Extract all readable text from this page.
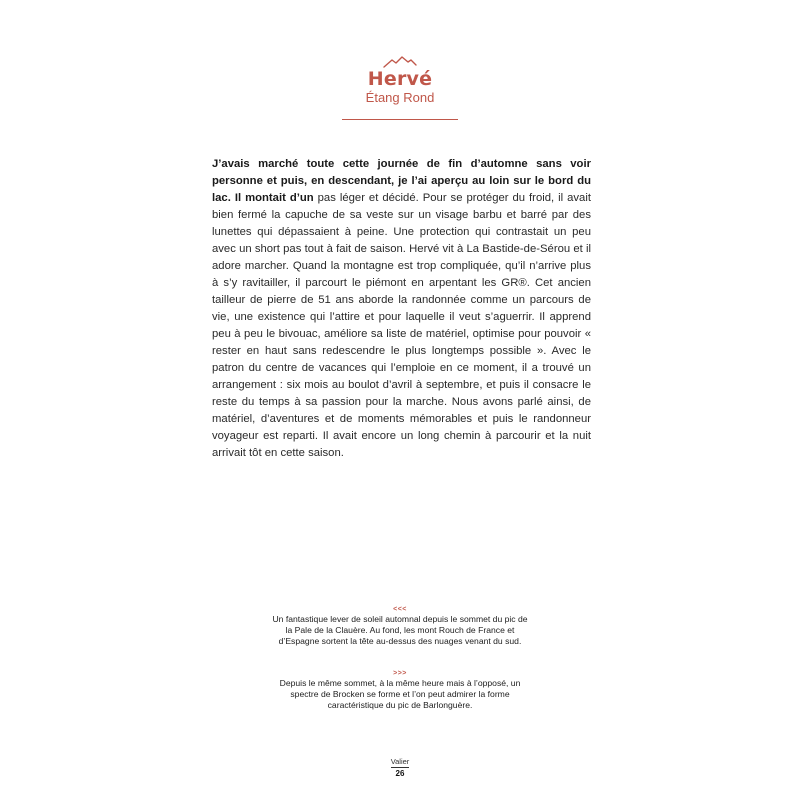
Hervé
Étang Rond

J’avais marché toute cette journée de fin d’automne sans voir personne et puis, en descendant, je l’ai aperçu au loin sur le bord du lac. Il montait d’un pas léger et décidé. Pour se protéger du froid, il avait bien fermé la capuche de sa veste sur un visage barbu et barré par des lunettes qui dépassaient à peine. Une protection qui contrastait un peu avec un short pas tout à fait de saison. Hervé vit à La Bastide-de-Sérou et il adore marcher. Quand la montagne est trop compliquée, qu’il n’arrive plus à s’y ravitailler, il parcourt le piémont en arpentant les GR®. Cet ancien tailleur de pierre de 51 ans aborde la randonnée comme un parcours de vie, une existence qui l’attire et pour laquelle il veut s’aguerrir. Il apprend peu à peu le bivouac, améliore sa liste de matériel, optimise pour pouvoir « rester en haut sans redescendre le plus longtemps possible ». Avec le patron du centre de vacances qui l’emploie en ce moment, il a trouvé un arrangement : six mois au boulot d’avril à septembre, et puis il consacre le reste du temps à sa passion pour la marche. Nous avons parlé ainsi, de matériel, d’aventures et de moments mémorables et puis le randonneur voyageur est reparti. Il avait encore un long chemin à parcourir et la nuit arrivait tôt en cette saison.

<<<
Un fantastique lever de soleil automnal depuis le sommet du pic de la Pale de la Clauère. Au fond, les mont Rouch de France et d’Espagne sortent la tête au-dessus des nuages venant du sud.
>>>
Depuis le même sommet, à la même heure mais à l’opposé, un spectre de Brocken se forme et l’on peut admirer la forme caractéristique du pic de Barlonguère.
Valier
26
